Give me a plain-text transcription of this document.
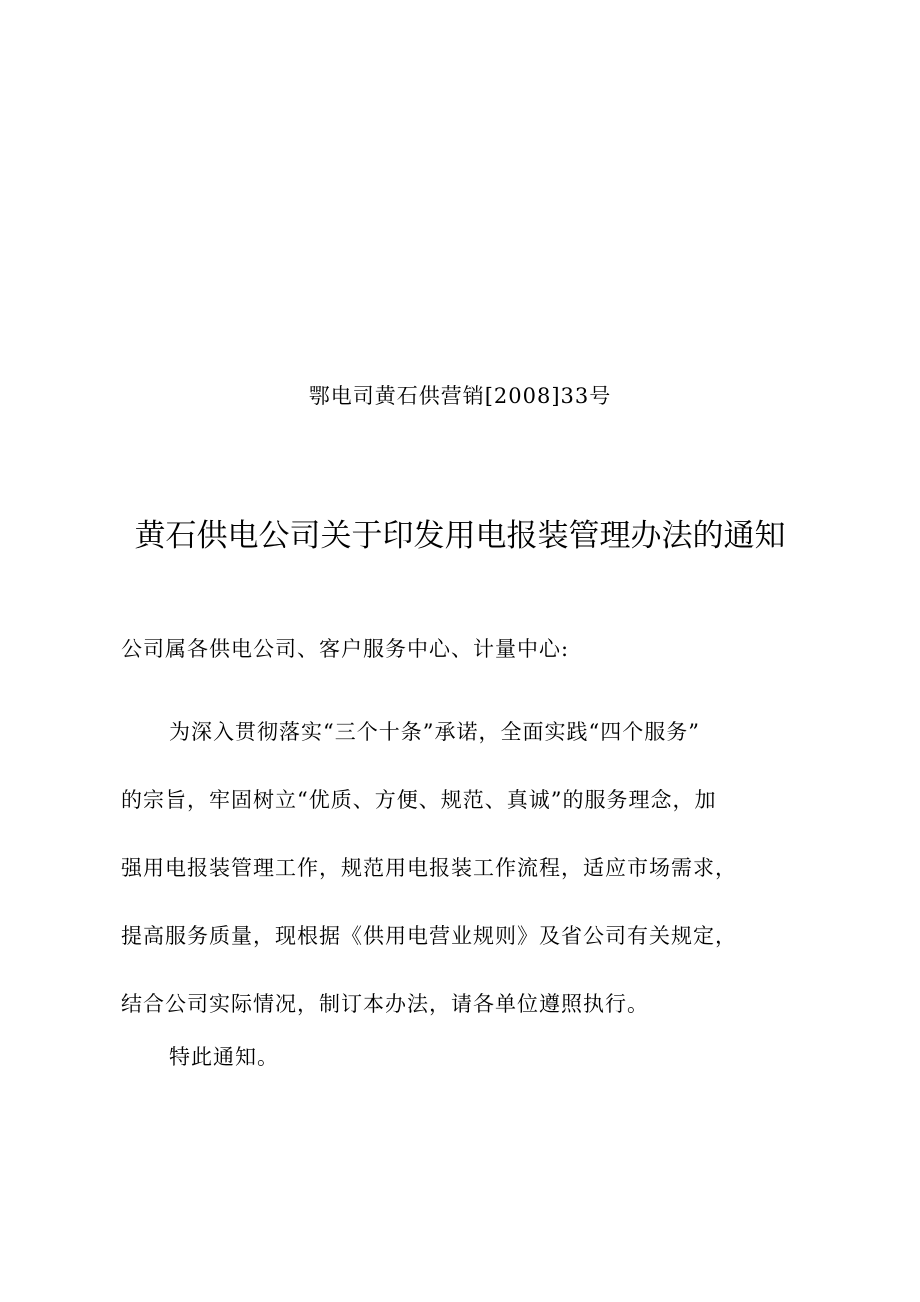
鄂电司黄石供营销[2008]33号
黄石供电公司关于印发用电报装管理办法的通知
公司属各供电公司、客户服务中心、计量中心:
为深入贯彻落实“三个十条”承诺，全面实践“四个服务”
的宗旨，牢固树立“优质、方便、规范、真诚”的服务理念，加
强用电报装管理工作，规范用电报装工作流程，适应市场需求，
提高服务质量，现根据《供用电营业规则》及省公司有关规定，
结合公司实际情况，制订本办法，请各单位遵照执行。
特此通知。
